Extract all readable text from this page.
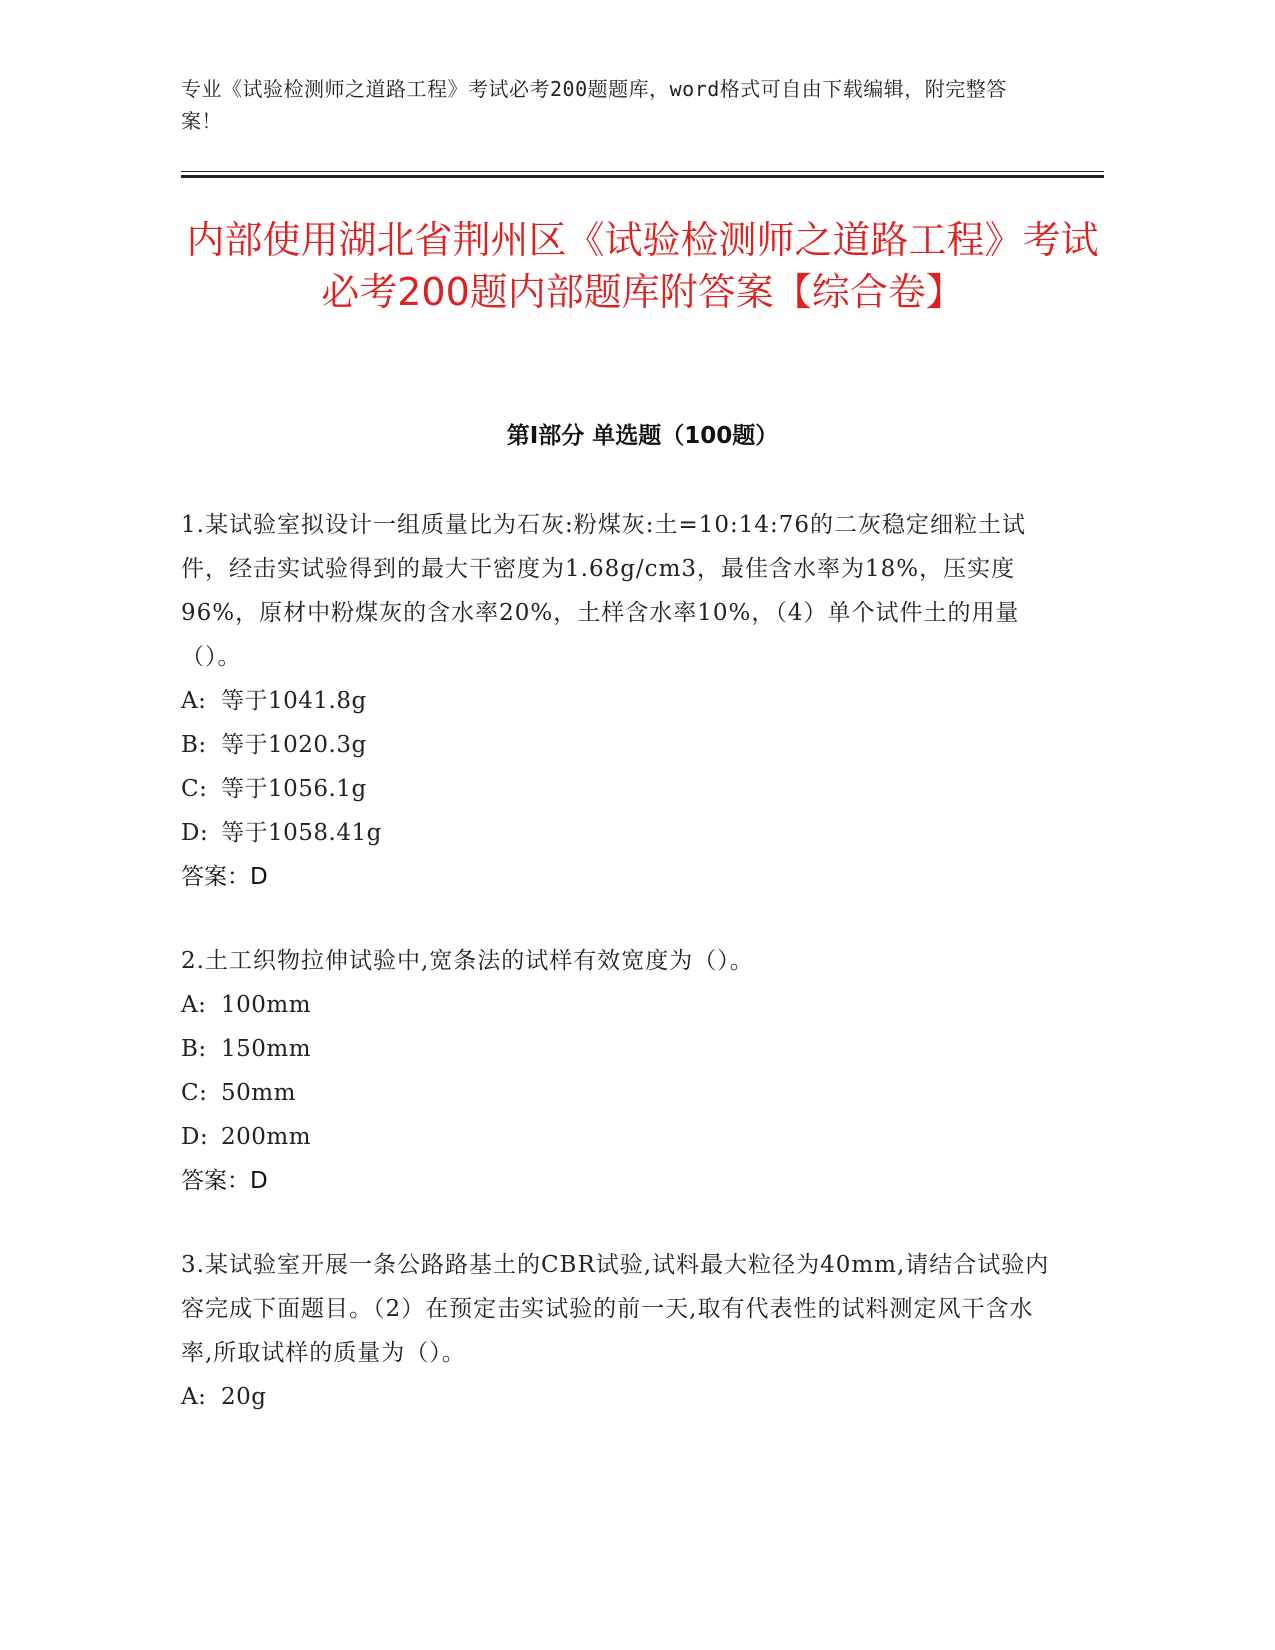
专业《试验检测师之道路工程》考试必考200题题库，word格式可自由下载编辑，附完整答案！
内部使用湖北省荆州区《试验检测师之道路工程》考试必考200题内部题库附答案【综合卷】
第I部分 单选题（100题）

1.某试验室拟设计一组质量比为石灰:粉煤灰:土=10:14:76的二灰稳定细粒土试件，经击实试验得到的最大干密度为1.68g/cm3，最佳含水率为18%，压实度96%，原材中粉煤灰的含水率20%，土样含水率10%，（4）单个试件土的用量（）。

A: 等于1041.8g

B: 等于1020.3g

C: 等于1056.1g

D: 等于1058.41g

答案：D

2.土工织物拉伸试验中,宽条法的试样有效宽度为（）。

A: 100mm

B: 150mm

C: 50mm

D: 200mm

答案：D

3.某试验室开展一条公路路基土的CBR试验,试料最大粒径为40mm,请结合试验内容完成下面题目。（2）在预定击实试验的前一天,取有代表性的试料测定风干含水率,所取试样的质量为（）。

A: 20g
